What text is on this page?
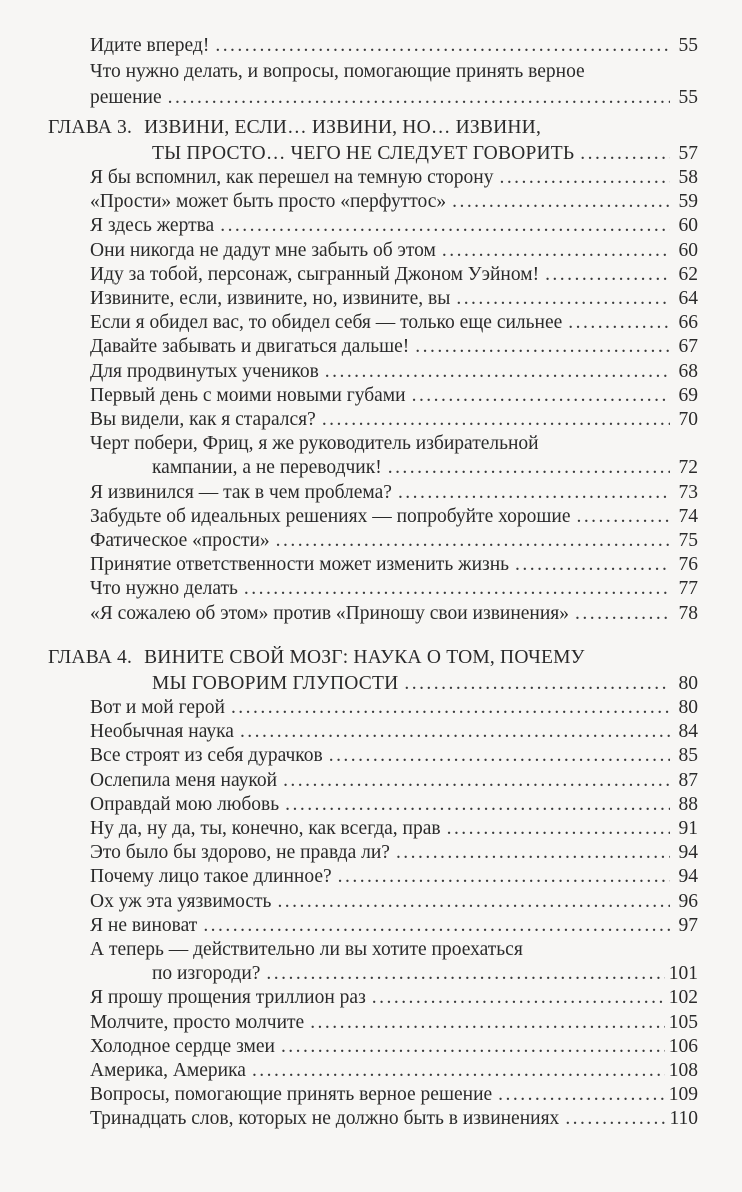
Идите вперед! . . .	55
Что нужно делать, и вопросы, помогающие принять верное
решение . . .	55
ГЛАВА 3. ИЗВИНИ, ЕСЛИ… ИЗВИНИ, НО… ИЗВИНИ,
ТЫ ПРОСТО… ЧЕГО НЕ СЛЕДУЕТ ГОВОРИТЬ . . .	57
Я бы вспомнил, как перешел на темную сторону . . .	58
«Прости» может быть просто «перфуттос» . . .	59
Я здесь жертва . . .	60
Они никогда не дадут мне забыть об этом . . .	60
Иду за тобой, персонаж, сыгранный Джоном Уэйном! . . .	62
Извините, если, извините, но, извините, вы . . .	64
Если я обидел вас, то обидел себя — только еще сильнее . . .	66
Давайте забывать и двигаться дальше! . . .	67
Для продвинутых учеников . . .	68
Первый день с моими новыми губами . . .	69
Вы видели, как я старался? . . .	70
Черт побери, Фриц, я же руководитель избирательной
кампании, а не переводчик! . . .	72
Я извинился — так в чем проблема? . . .	73
Забудьте об идеальных решениях — попробуйте хорошие . . .	74
Фатическое «прости» . . .	75
Принятие ответственности может изменить жизнь . . .	76
Что нужно делать . . .	77
«Я сожалею об этом» против «Приношу свои извинения» . . .	78
ГЛАВА 4. ВИНИТЕ СВОЙ МОЗГ: НАУКА О ТОМ, ПОЧЕМУ
МЫ ГОВОРИМ ГЛУПОСТИ . . .	80
Вот и мой герой . . .	80
Необычная наука . . .	84
Все строят из себя дурачков . . .	85
Ослепила меня наукой . . .	87
Оправдай мою любовь . . .	88
Ну да, ну да, ты, конечно, как всегда, прав . . .	91
Это было бы здорово, не правда ли? . . .	94
Почему лицо такое длинное? . . .	94
Ох уж эта уязвимость . . .	96
Я не виноват . . .	97
А теперь — действительно ли вы хотите проехаться
по изгороди? . . .	101
Я прошу прощения триллион раз . . .	102
Молчите, просто молчите . . .	105
Холодное сердце змеи . . .	106
Америка, Америка . . .	108
Вопросы, помогающие принять верное решение . . .	109
Тринадцать слов, которых не должно быть в извинениях . . .	110
